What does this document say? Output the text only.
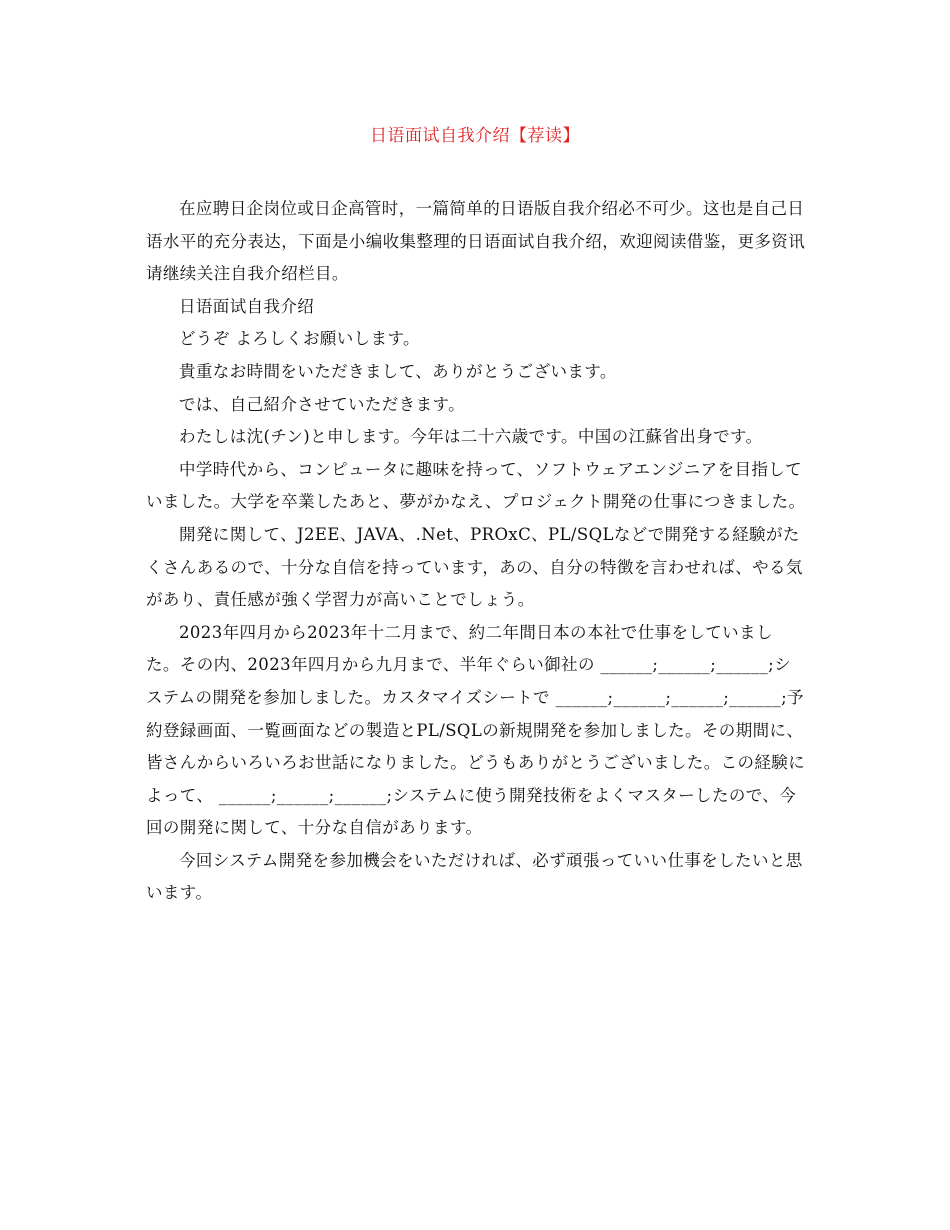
日语面试自我介绍【荐读】

在应聘日企岗位或日企高管时，一篇简单的日语版自我介绍必不可少。这也是自己日语水平的充分表达，下面是小编收集整理的日语面试自我介绍，欢迎阅读借鉴，更多资讯请继续关注自我介绍栏目。

日语面试自我介绍

どうぞ よろしくお願いします。

貴重なお時間をいただきまして、ありがとうございます。

では、自己紹介させていただきます。

わたしは沈(チン)と申します。今年は二十六歳です。中国の江蘇省出身です。

中学時代から、コンピュータに趣味を持って、ソフトウェアエンジニアを目指していました。大学を卒業したあと、夢がかなえ、プロジェクト開発の仕事につきました。

開発に関して、J2EE、JAVA、.Net、PROxC、PL/SQLなどで開発する経験がたくさんあるので、十分な自信を持っています，あの、自分の特徴を言わせれば、やる気があり、責任感が強く学習力が高いことでしょう。

2023年四月から2023年十二月まで、約二年間日本の本社で仕事をしていました。その内、2023年四月から九月まで、半年ぐらい御社の ______;______;______;システムの開発を参加しました。カスタマイズシートで ______;______;______;______;予約登録画面、一覧画面などの製造とPL/SQLの新規開発を参加しました。その期間に、皆さんからいろいろお世話になりました。どうもありがとうございました。この経験によって、 ______;______;______;システムに使う開発技術をよくマスターしたので、今回の開発に関して、十分な自信があります。

今回システム開発を参加機会をいただければ、必ず頑張っていい仕事をしたいと思います。
